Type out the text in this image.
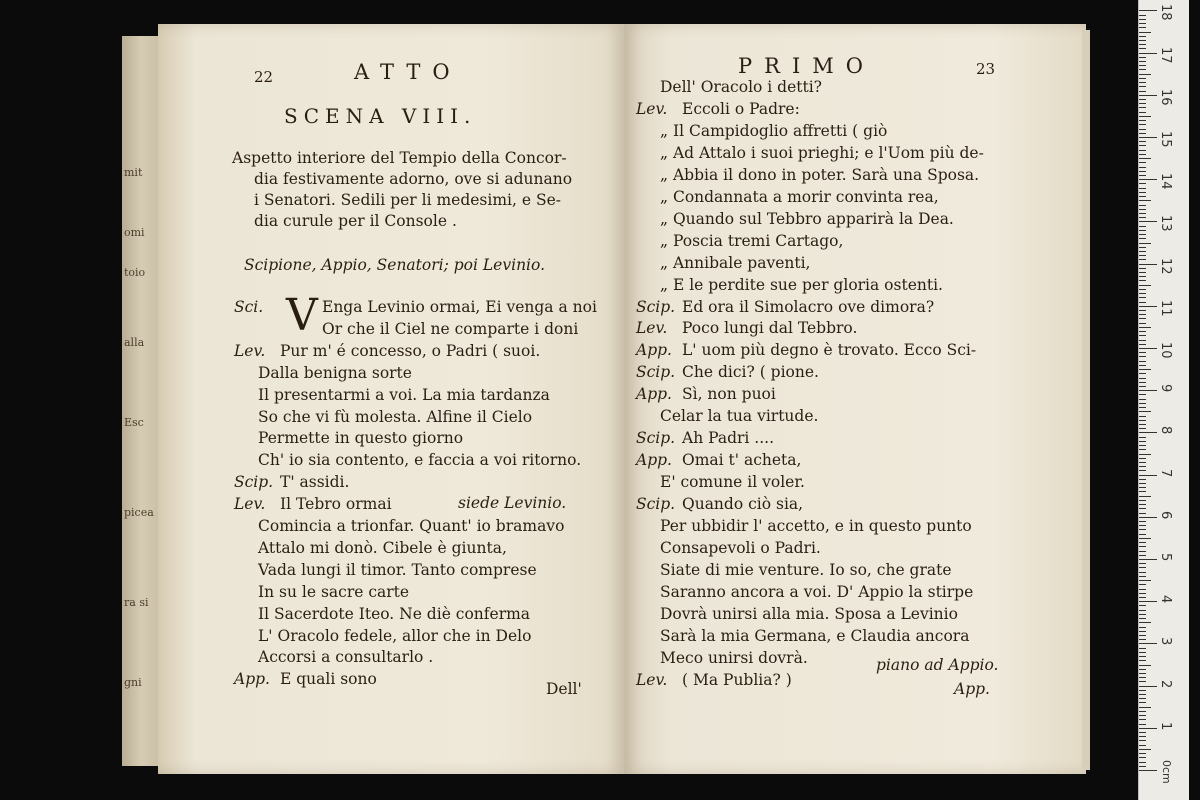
18
17
16
15
14
13
12
11
10
9
8
7
6
5
4
3
2
1
0cm
mit
omi
toio
alla
Esc
picea
ra si
gni
22	ATTO
SCENA VIII.
Aspetto interiore del Tempio della Concor-
dia festivamente adorno, ove si adunano
i Senatori. Sedili per li medesimi, e Se-
dia curule per il Console .
Scipione, Appio, Senatori; poi Levinio.
V
Sci.	Enga Levinio ormai, Ei venga a noi
Or che il Ciel ne comparte i doni
Lev. Pur m' é concesso, o Padri ( suoi.
Dalla benigna sorte
Il presentarmi a voi. La mia tardanza
So che vi fù molesta. Alfine il Cielo
Permette in questo giorno
Ch' io sia contento, e faccia a voi ritorno.
Scip. T' assidi.
Lev. Il Tebro ormai
Comincia a trionfar. Quant' io bramavo
Attalo mi donò. Cibele è giunta,
Vada lungi il timor. Tanto comprese
In su le sacre carte
Il Sacerdote Iteo. Ne diè conferma
L' Oracolo fedele, allor che in Delo
Accorsi a consultarlo .
App. E quali sono
siede Levinio.
Dell'
PRIMO	23
Dell' Oracolo i detti?
Lev. Eccoli o Padre:
„ Il Campidoglio affretti ( giò
„ Ad Attalo i suoi prieghi; e l'Uom più de-
„ Abbia il dono in poter. Sarà una Sposa.
„ Condannata a morir convinta rea,
„ Quando sul Tebbro apparirà la Dea.
„ Poscia tremi Cartago,
„ Annibale paventi,
„ E le perdite sue per gloria ostenti.
Scip. Ed ora il Simolacro ove dimora?
Lev. Poco lungi dal Tebbro.
App. L' uom più degno è trovato. Ecco Sci-
Scip. Che dici? ( pione.
App. Sì, non puoi
Celar la tua virtude.
Scip. Ah Padri ....
App. Omai t' acheta,
E' comune il voler.
Scip. Quando ciò sia,
Per ubbidir l' accetto, e in questo punto
Consapevoli o Padri.
Siate di mie venture. Io so, che grate
Saranno ancora a voi. D' Appio la stirpe
Dovrà unirsi alla mia. Sposa a Levinio
Sarà la mia Germana, e Claudia ancora
Meco unirsi dovrà.
Lev. ( Ma Publia? )
piano ad Appio.
App.
